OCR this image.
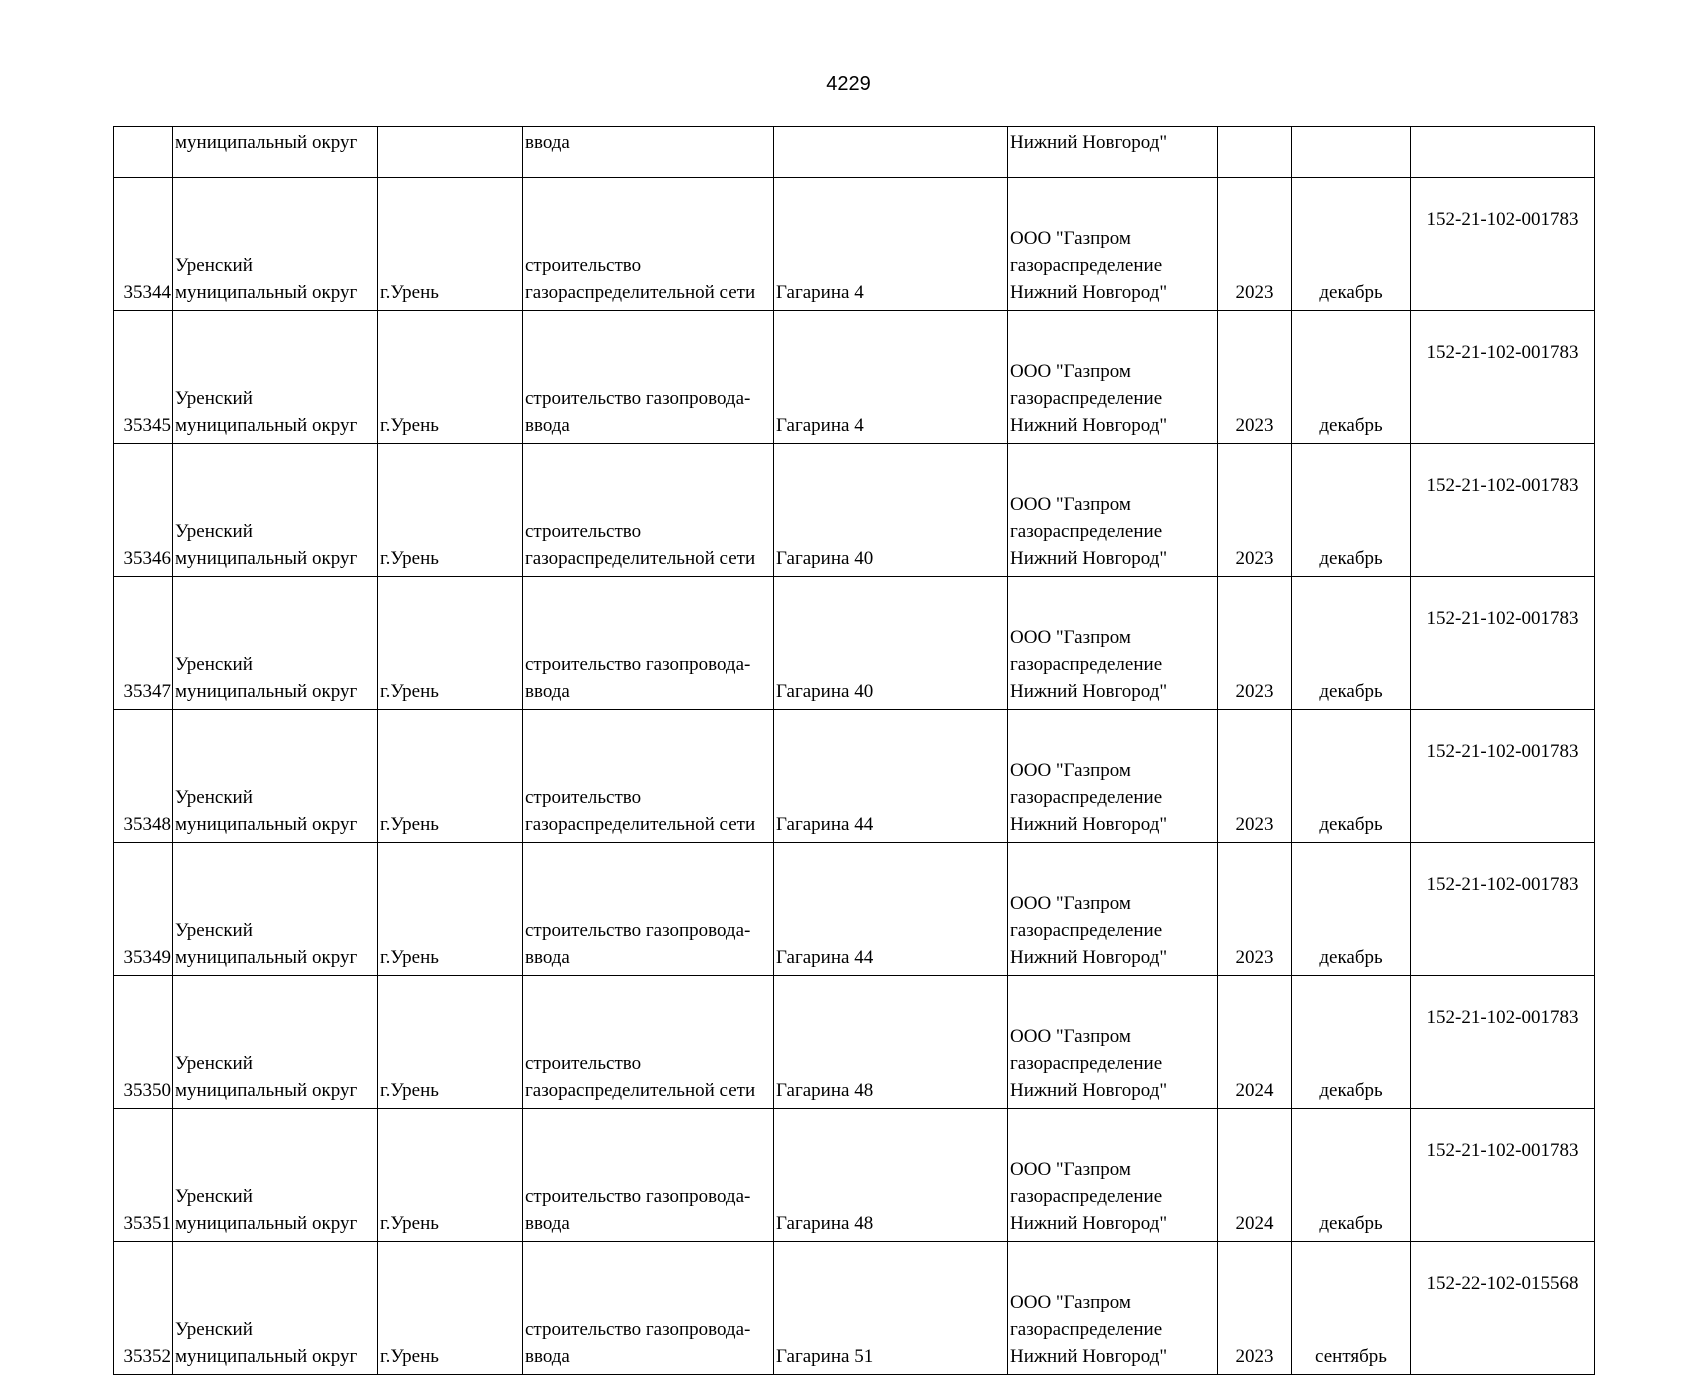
4229
	муниципальный округ		ввода		Нижний Новгород"			
35344	Уренский
муниципальный округ	г.Урень	строительство
газораспределительной сети	Гагарина 4	ООО "Газпром
газораспределение
Нижний Новгород"	2023	декабрь	152-21-102-001783
35345	Уренский
муниципальный округ	г.Урень	строительство газопровода-
ввода	Гагарина 4	ООО "Газпром
газораспределение
Нижний Новгород"	2023	декабрь	152-21-102-001783
35346	Уренский
муниципальный округ	г.Урень	строительство
газораспределительной сети	Гагарина 40	ООО "Газпром
газораспределение
Нижний Новгород"	2023	декабрь	152-21-102-001783
35347	Уренский
муниципальный округ	г.Урень	строительство газопровода-
ввода	Гагарина 40	ООО "Газпром
газораспределение
Нижний Новгород"	2023	декабрь	152-21-102-001783
35348	Уренский
муниципальный округ	г.Урень	строительство
газораспределительной сети	Гагарина 44	ООО "Газпром
газораспределение
Нижний Новгород"	2023	декабрь	152-21-102-001783
35349	Уренский
муниципальный округ	г.Урень	строительство газопровода-
ввода	Гагарина 44	ООО "Газпром
газораспределение
Нижний Новгород"	2023	декабрь	152-21-102-001783
35350	Уренский
муниципальный округ	г.Урень	строительство
газораспределительной сети	Гагарина 48	ООО "Газпром
газораспределение
Нижний Новгород"	2024	декабрь	152-21-102-001783
35351	Уренский
муниципальный округ	г.Урень	строительство газопровода-
ввода	Гагарина 48	ООО "Газпром
газораспределение
Нижний Новгород"	2024	декабрь	152-21-102-001783
35352	Уренский
муниципальный округ	г.Урень	строительство газопровода-
ввода	Гагарина 51	ООО "Газпром
газораспределение
Нижний Новгород"	2023	сентябрь	152-22-102-015568
